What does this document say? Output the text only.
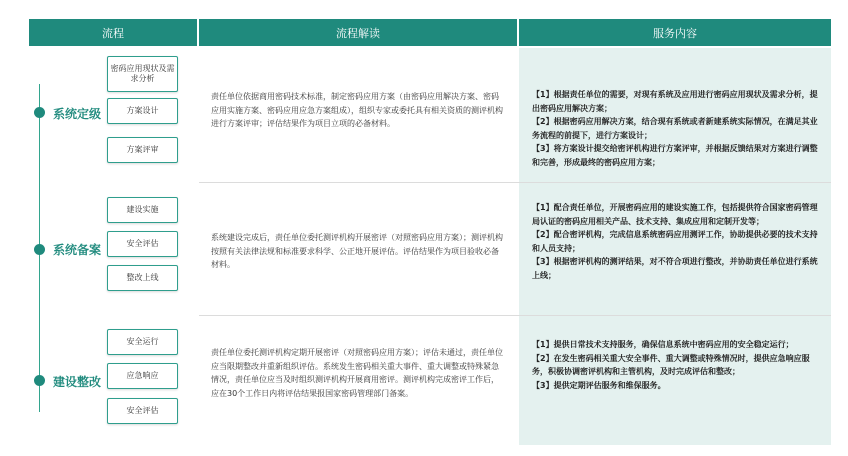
流程	流程解读	服务内容
责任单位依据商用密码技术标准，制定密码应用方案（由密码应用解决方案、密码应用实施方案、密码应用应急方案组成），组织专家或委托具有相关资质的测评机构进行方案评审；评估结果作为项目立项的必备材料。
【1】根据责任单位的需要，对现有系统及应用进行密码应用现状及需求分析，提出密码应用解决方案；
【2】根据密码应用解决方案，结合现有系统或者新建系统实际情况，在满足其业务流程的前提下，进行方案设计；
【3】将方案设计提交给密评机构进行方案评审，并根据反馈结果对方案进行调整和完善，形成最终的密码应用方案；
系统定级
密码应用现状及需求分析
方案设计
方案评审
系统建设完成后，责任单位委托测评机构开展密评（对照密码应用方案）；测评机构按照有关法律法规和标准要求科学、公正地开展评估。评估结果作为项目验收必备材料。
【1】配合责任单位，开展密码应用的建设实施工作，包括提供符合国家密码管理局认证的密码应用相关产品、技术支持、集成应用和定制开发等；
【2】配合密评机构，完成信息系统密码应用测评工作，协助提供必要的技术支持和人员支持；
【3】根据密评机构的测评结果，对不符合项进行整改，并协助责任单位进行系统上线；
系统备案
建设实施
安全评估
整改上线
责任单位委托测评机构定期开展密评（对照密码应用方案）；评估未通过，责任单位应当限期整改并重新组织评估。系统发生密码相关重大事件、重大调整或特殊紧急情况，责任单位应当及时组织测评机构开展商用密评。测评机构完成密评工作后，应在30个工作日内将评估结果报国家密码管理部门备案。
【1】提供日常技术支持服务，确保信息系统中密码应用的安全稳定运行；
【2】在发生密码相关重大安全事件、重大调整或特殊情况时，提供应急响应服务，积极协调密评机构和主管机构，及时完成评估和整改；
【3】提供定期评估服务和维保服务。
建设整改
安全运行
应急响应
安全评估
